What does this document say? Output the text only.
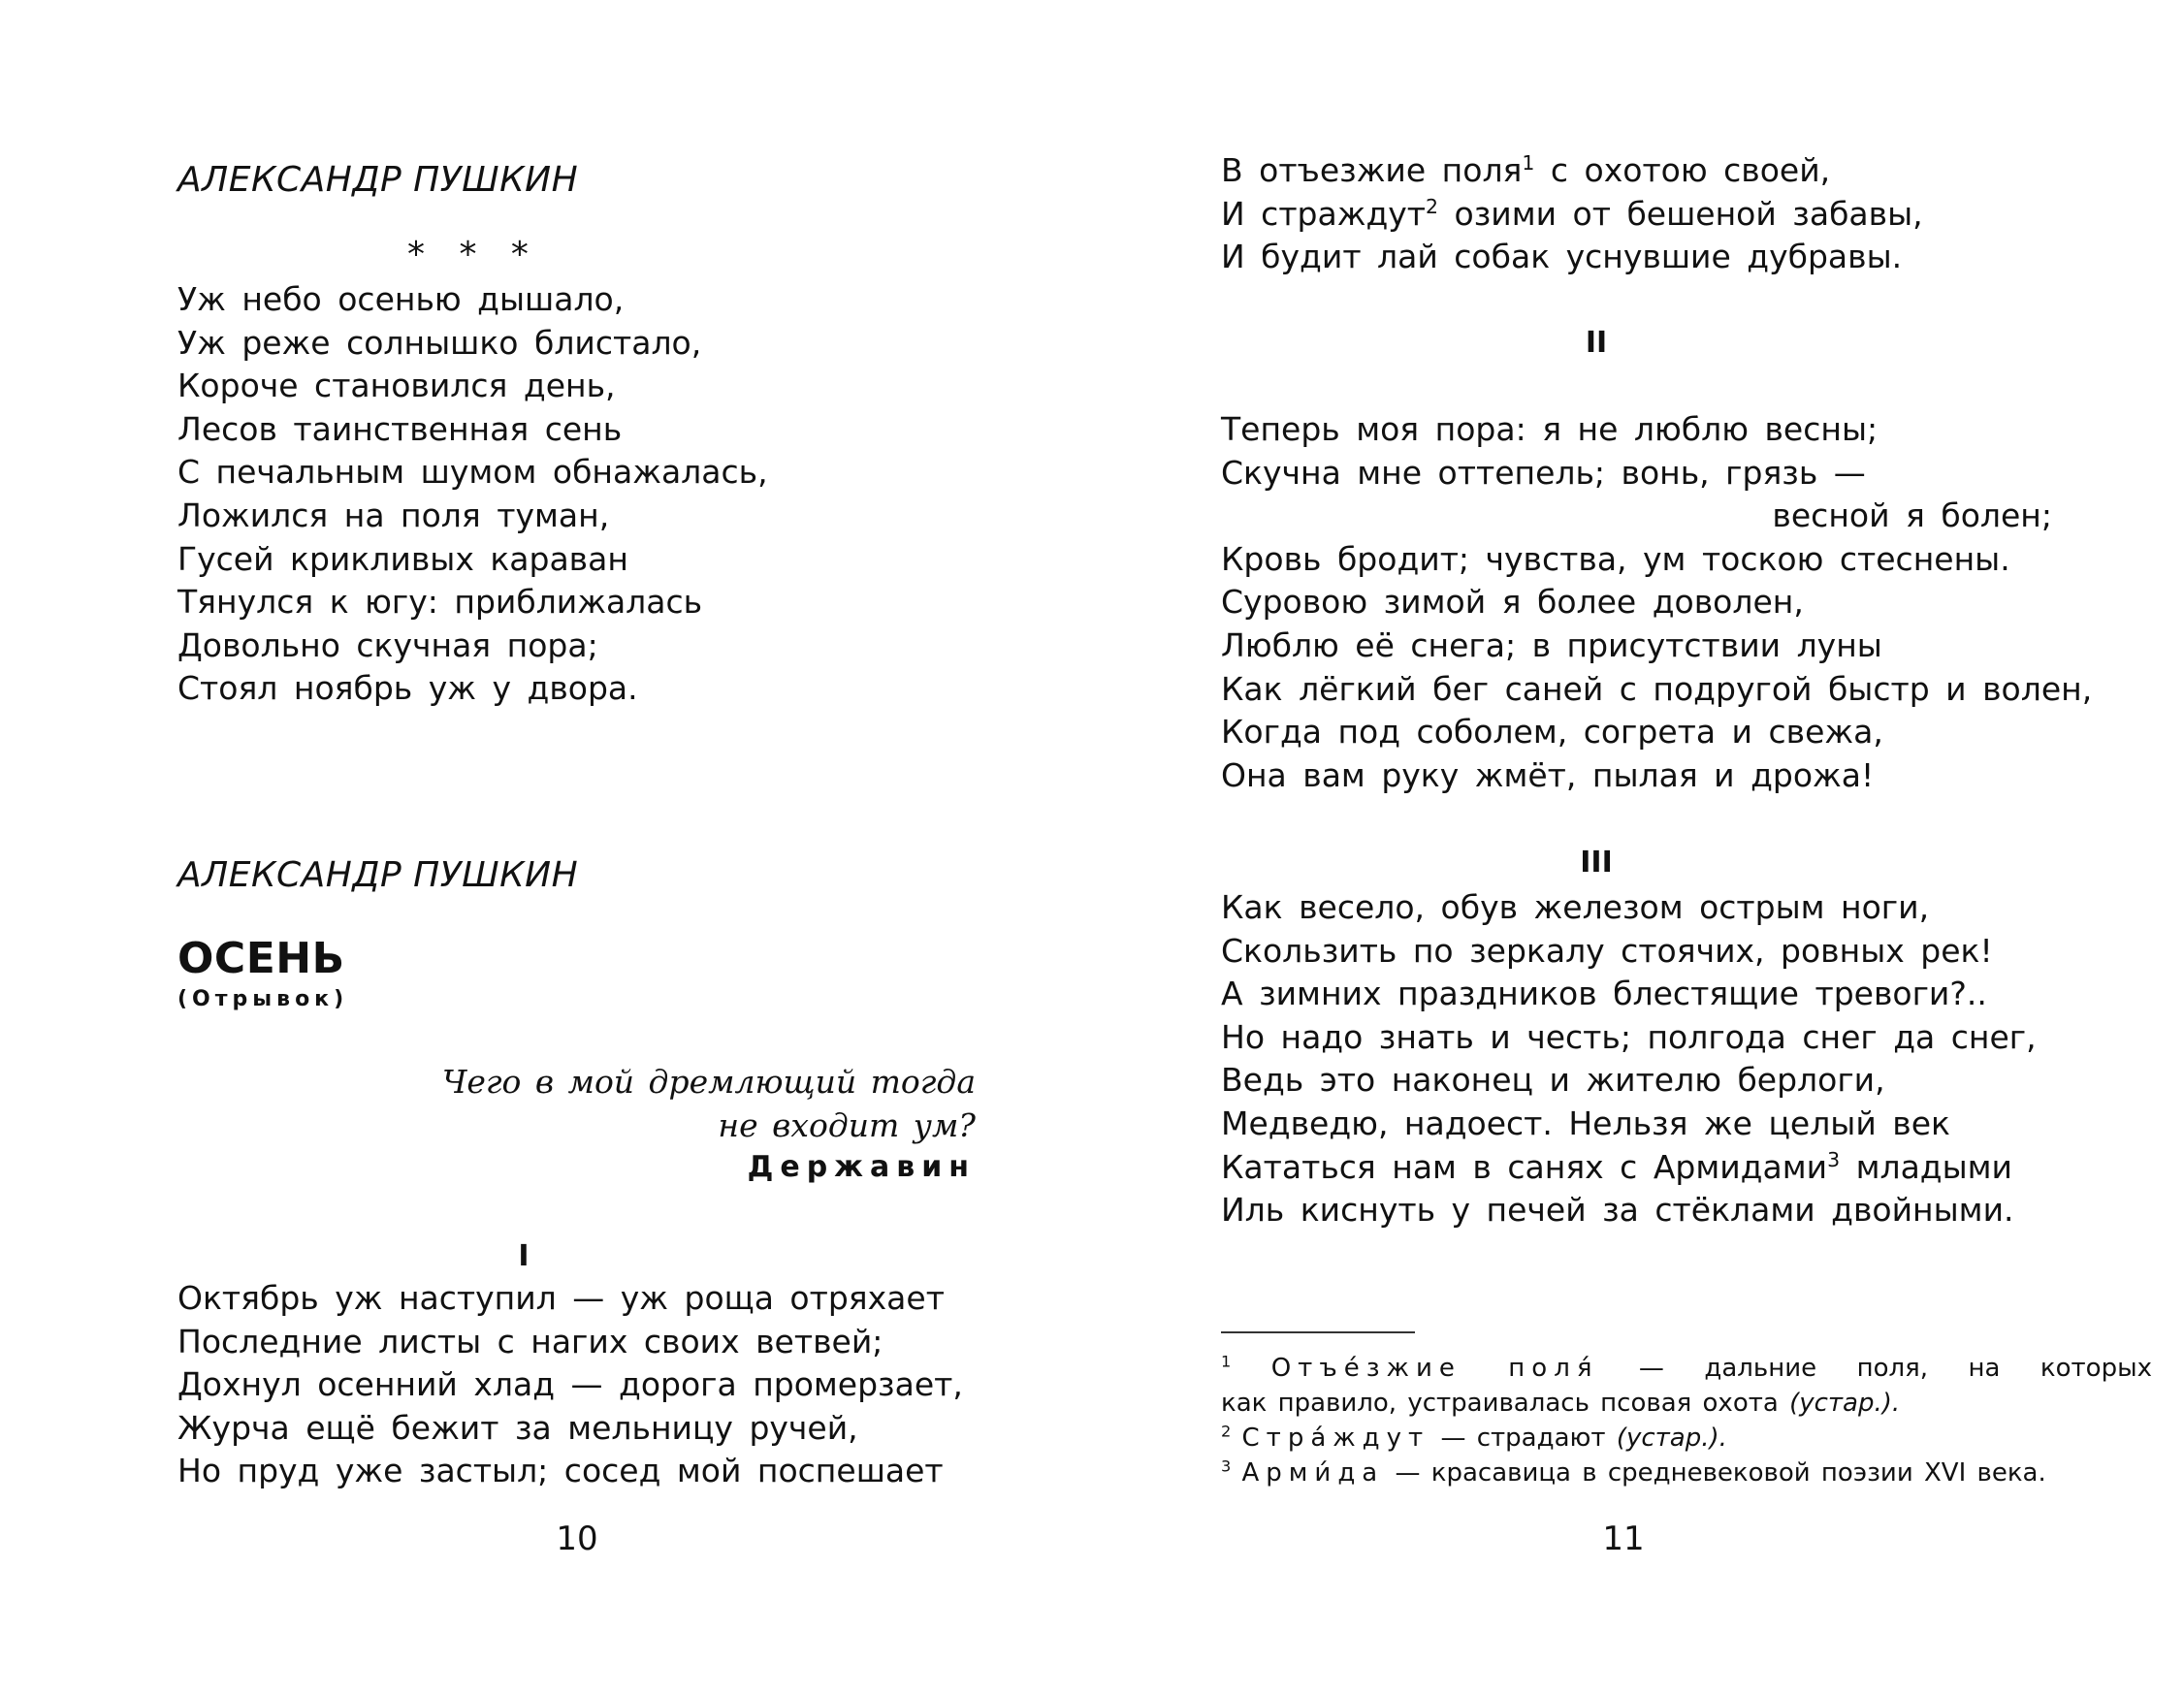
АЛЕКСАНДР ПУШКИН
* * *
Уж небо осенью дышало,
Уж реже солнышко блистало,
Короче становился день,
Лесов таинственная сень
С печальным шумом обнажалась,
Ложился на поля туман,
Гусей крикливых караван
Тянулся к югу: приближалась
Довольно скучная пора;
Стоял ноябрь уж у двора.
АЛЕКСАНДР ПУШКИН
ОСЕНЬ
(Отрывок)
Чего в мой дремлющий тогда
не входит ум?
Державин
I
Октябрь уж наступил — уж роща отряхает
Последние листы с нагих своих ветвей;
Дохнул осенний хлад — дорога промерзает,
Журча ещё бежит за мельницу ручей,
Но пруд уже застыл; сосед мой поспешает
10
В отъезжие поля$^1$ с охотою своей,
И страждут$^2$ озими от бешеной забавы,
И будит лай собак уснувшие дубравы.
II
Теперь моя пора: я не люблю весны;
Скучна мне оттепель; вонь, грязь —
весной я болен;
Кровь бродит; чувства, ум тоскою стеснены.
Суровою зимой я более доволен,
Люблю её снега; в присутствии луны
Как лёгкий бег саней с подругой быстр и волен,
Когда под соболем, согрета и свежа,
Она вам руку жмёт, пылая и дрожа!
III
Как весело, обув железом острым ноги,
Скользить по зеркалу стоячих, ровных рек!
А зимних праздников блестящие тревоги?..
Но надо знать и честь; полгода снег да снег,
Ведь это наконец и жителю берлоги,
Медведю, надоест. Нельзя же целый век
Кататься нам в санях с Армидами$^3$ младыми
Иль киснуть у печей за стёклами двойными.
$^1$ Отъе́зжие поля́ — дальние поля, на которых
как правило, устраивалась псовая охота (устар.).
$^2$ Стра́ждут — страдают (устар.).
$^3$ Арми́да — красавица в средневековой поэзии XVI века.
11
